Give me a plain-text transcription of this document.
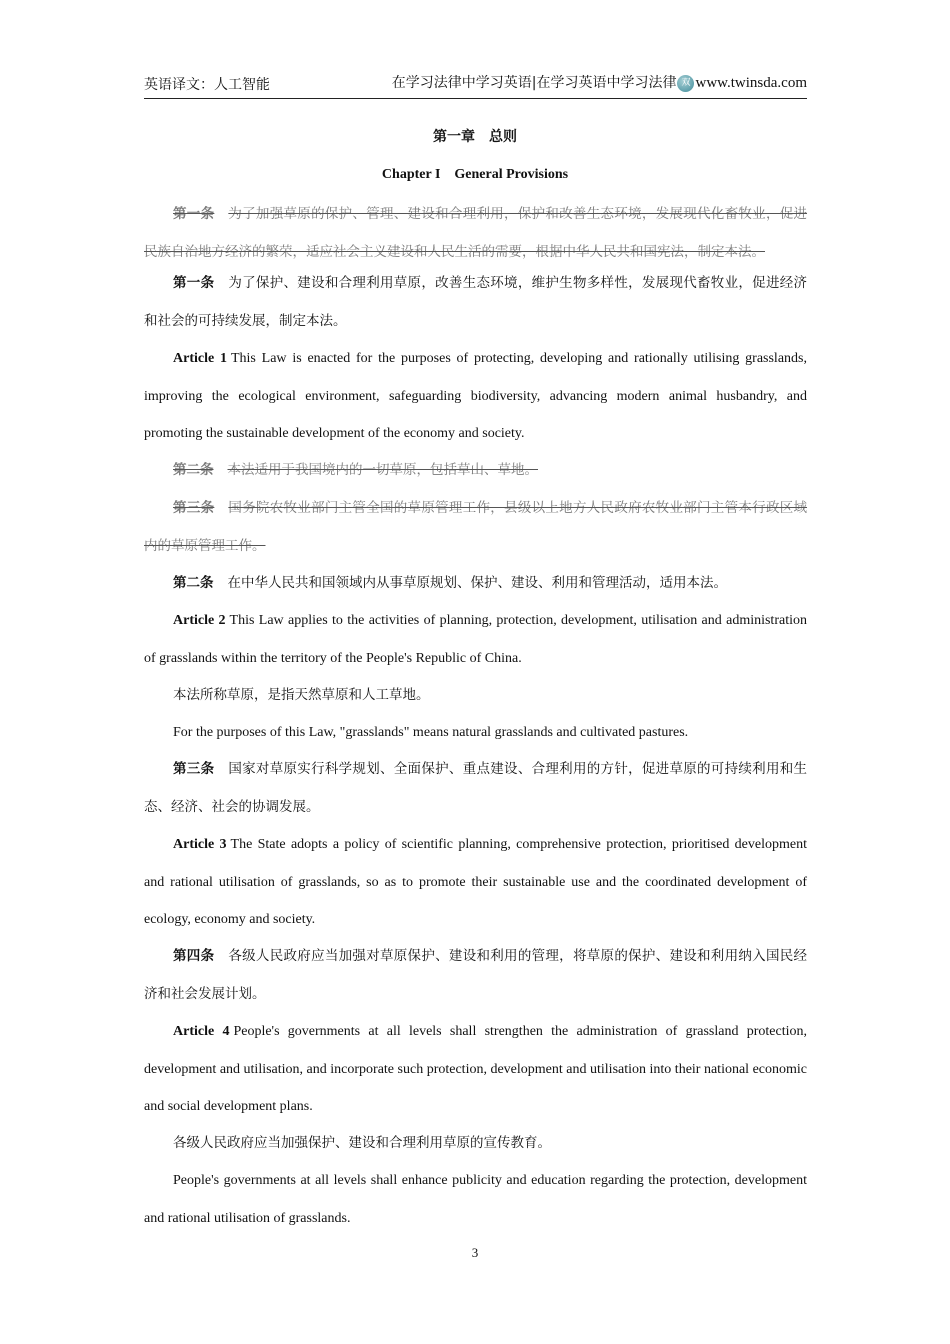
英语译文：人工智能	在学习法律中学习英语|在学习英语中学习法律 双 www.twinsda.com
第一章　总则
Chapter I　General Provisions

第一条 为了加强草原的保护、管理、建设和合理利用，保护和改善生态环境，发展现代化畜牧业，促进民族自治地方经济的繁荣，适应社会主义建设和人民生活的需要，根据中华人民共和国宪法，制定本法。

第一条 为了保护、建设和合理利用草原，改善生态环境，维护生物多样性，发展现代畜牧业，促进经济和社会的可持续发展，制定本法。

Article 1 This Law is enacted for the purposes of protecting, developing and rationally utilising grasslands, improving the ecological environment, safeguarding biodiversity, advancing modern animal husbandry, and promoting the sustainable development of the economy and society.

第二条 本法适用于我国境内的一切草原，包括草山、草地。

第三条 国务院农牧业部门主管全国的草原管理工作，县级以上地方人民政府农牧业部门主管本行政区域内的草原管理工作。

第二条 在中华人民共和国领域内从事草原规划、保护、建设、利用和管理活动，适用本法。

Article 2 This Law applies to the activities of planning, protection, development, utilisation and administration of grasslands within the territory of the People's Republic of China.

本法所称草原，是指天然草原和人工草地。

For the purposes of this Law, "grasslands" means natural grasslands and cultivated pastures.

第三条 国家对草原实行科学规划、全面保护、重点建设、合理利用的方针，促进草原的可持续利用和生态、经济、社会的协调发展。

Article 3 The State adopts a policy of scientific planning, comprehensive protection, prioritised development and rational utilisation of grasslands, so as to promote their sustainable use and the coordinated development of ecology, economy and society.

第四条 各级人民政府应当加强对草原保护、建设和利用的管理，将草原的保护、建设和利用纳入国民经济和社会发展计划。

Article 4 People's governments at all levels shall strengthen the administration of grassland protection, development and utilisation, and incorporate such protection, development and utilisation into their national economic and social development plans.

各级人民政府应当加强保护、建设和合理利用草原的宣传教育。

People's governments at all levels shall enhance publicity and education regarding the protection, development and rational utilisation of grasslands.

3
